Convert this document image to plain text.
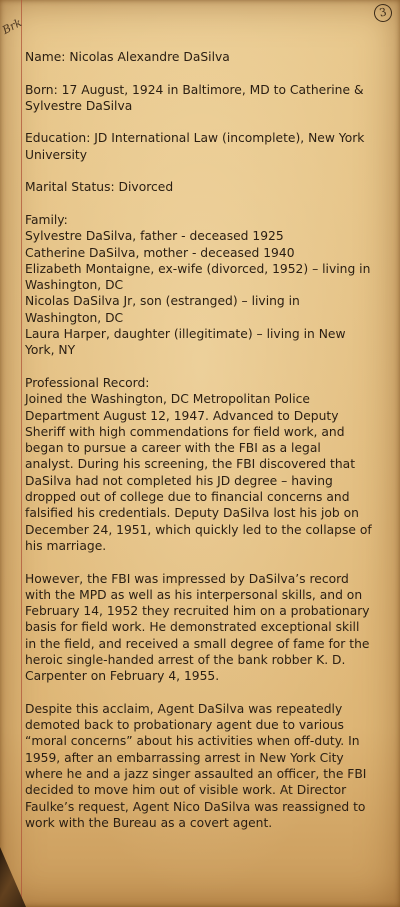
Brk
3

Name: Nicolas Alexandre DaSilva

Born: 17 August, 1924 in Baltimore, MD to Catherine & Sylvestre DaSilva

Education: JD International Law (incomplete), New York University

Marital Status: Divorced

Family:
Sylvestre DaSilva, father - deceased 1925
Catherine DaSilva, mother - deceased 1940
Elizabeth Montaigne, ex-wife (divorced, 1952) – living in Washington, DC
Nicolas DaSilva Jr, son (estranged) – living in Washington, DC
Laura Harper, daughter (illegitimate) – living in New York, NY

Professional Record:
Joined the Washington, DC Metropolitan Police Department August 12, 1947. Advanced to Deputy Sheriff with high commendations for field work, and began to pursue a career with the FBI as a legal analyst. During his screening, the FBI discovered that DaSilva had not completed his JD degree – having dropped out of college due to financial concerns and falsified his credentials. Deputy DaSilva lost his job on December 24, 1951, which quickly led to the collapse of his marriage.

However, the FBI was impressed by DaSilva’s record with the MPD as well as his interpersonal skills, and on February 14, 1952 they recruited him on a probationary basis for field work. He demonstrated exceptional skill in the field, and received a small degree of fame for the heroic single-handed arrest of the bank robber K. D. Carpenter on February 4, 1955.

Despite this acclaim, Agent DaSilva was repeatedly demoted back to probationary agent due to various “moral concerns” about his activities when off-duty. In 1959, after an embarrassing arrest in New York City where he and a jazz singer assaulted an officer, the FBI decided to move him out of visible work. At Director Faulke’s request, Agent Nico DaSilva was reassigned to work with the Bureau as a covert agent.
